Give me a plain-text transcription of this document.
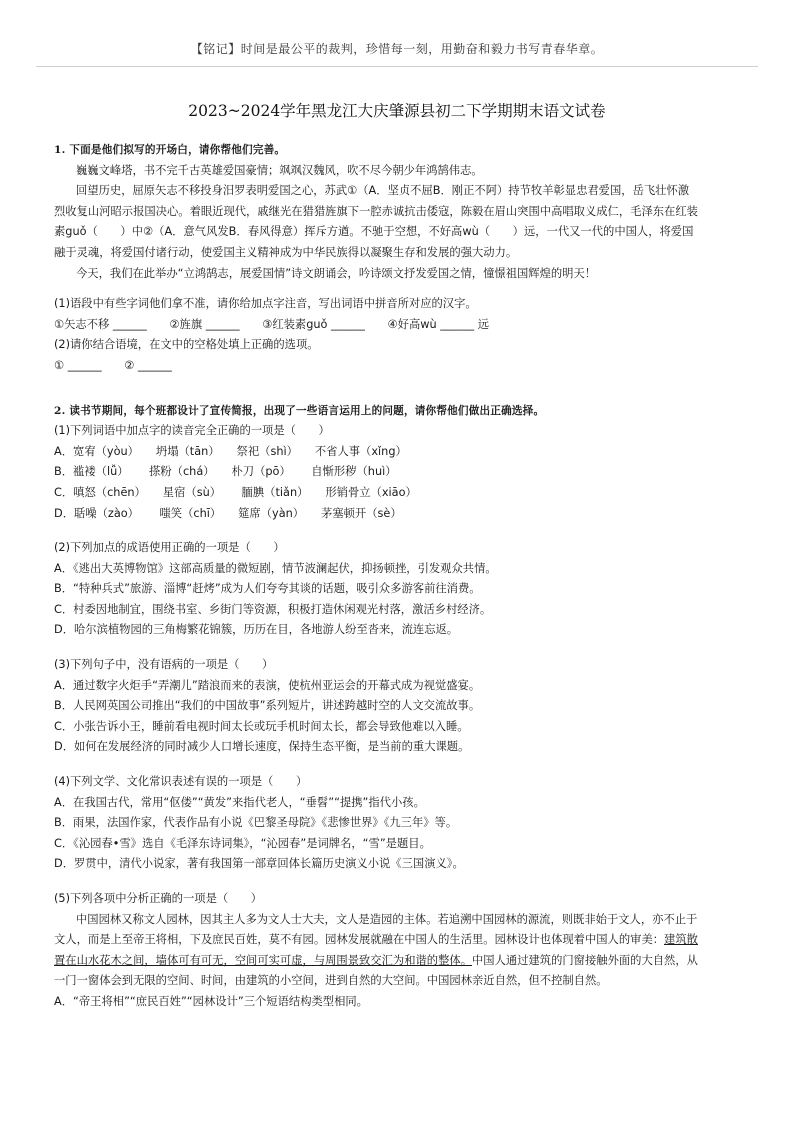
【铭记】时间是最公平的裁判，珍惜每一刻，用勤奋和毅力书写青春华章。
2023~2024学年黑龙江大庆肇源县初二下学期期末语文试卷

1. 下面是他们拟写的开场白，请你帮他们完善。

巍巍文峰塔，书不完千古英雄爱国豪情；飒飒汉魏风，吹不尽今朝少年鸿鹄伟志。

回望历史，屈原矢志不移投身汨罗表明爱国之心，苏武①（A．坚贞不屈B．刚正不阿）持节牧羊彰显忠君爱国，岳飞壮怀激

烈收复山河昭示报国决心。着眼近现代，戚继光在猎猎旌旗下一腔赤诚抗击倭寇，陈毅在眉山突围中高唱取义成仁，毛泽东在红装

素guǒ（　　）中②（A．意气风发B．春风得意）挥斥方遒。不驰于空想，不好高wù（　　）远，一代又一代的中国人，将爱国

融于灵魂，将爱国付诸行动，使爱国主义精神成为中华民族得以凝聚生存和发展的强大动力。

今天，我们在此举办“立鸿鹄志，展爱国情”诗文朗诵会，吟诗颂文抒发爱国之情，憧憬祖国辉煌的明天！

(1)语段中有些字词他们拿不准，请你给加点字注音，写出词语中拼音所对应的汉字。

①矢志不移 ______　　②旌旗 ______　　③红装素guǒ ______　　④好高wù ______ 远

(2)请你结合语境，在文中的空格处填上正确的选项。

① ______　　② ______

2. 读书节期间，每个班都设计了宣传简报，出现了一些语言运用上的问题，请你帮他们做出正确选择。

(1)下列词语中加点字的读音完全正确的一项是（　　）

A．宽宥（yòu）　　坍塌（tān）　　祭祀（shì）　　不省人事（xǐng）

B．褴褛（lǚ）　　 搽粉（chá）　　朴刀（pō）　　 自惭形秽（huì）

C．嗔怒（chēn）　　星宿（sù）　　 腼腆（tiǎn）　　形销骨立（xiāo）

D．聒噪（zào）　　 嗤笑（chī）　　筵席（yàn）　　茅塞顿开（sè）

(2)下列加点的成语使用正确的一项是（　　）

A．《逃出大英博物馆》这部高质量的微短剧，情节波澜起伏，抑扬顿挫，引发观众共情。

B．“特种兵式”旅游、淄博“赶烤”成为人们夸夸其谈的话题，吸引众多游客前往消费。

C．村委因地制宜，围绕书室、乡街门等资源，积极打造休闲观光村落，激活乡村经济。

D．哈尔滨植物园的三角梅繁花锦簇，历历在目，各地游人纷至沓来，流连忘返。

(3)下列句子中，没有语病的一项是（　　）

A．通过数字火炬手“弄潮儿”踏浪而来的表演，使杭州亚运会的开幕式成为视觉盛宴。

B．人民网英国公司推出“我们的中国故事”系列短片，讲述跨越时空的人文交流故事。

C．小张告诉小王，睡前看电视时间太长或玩手机时间太长，都会导致他难以入睡。

D．如何在发展经济的同时减少人口增长速度，保持生态平衡，是当前的重大课题。

(4)下列文学、文化常识表述有误的一项是（　　）

A．在我国古代，常用“伛偻”“黄发”来指代老人，“垂髫”“提携”指代小孩。

B．雨果，法国作家，代表作品有小说《巴黎圣母院》《悲惨世界》《九三年》等。

C．《沁园春•雪》选自《毛泽东诗词集》，“沁园春”是词牌名，“雪”是题目。

D．罗贯中，清代小说家，著有我国第一部章回体长篇历史演义小说《三国演义》。

(5)下列各项中分析正确的一项是（　　）

中国园林又称文人园林，因其主人多为文人士大夫，文人是造园的主体。若追溯中国园林的源流，则既非始于文人，亦不止于

文人，而是上至帝王将相，下及庶民百姓，莫不有园。园林发展就融在中国人的生活里。园林设计也体现着中国人的审美：建筑散

置在山水花木之间，墙体可有可无，空间可实可虚，与周围景致交汇为和谐的整体。中国人通过建筑的门窗接触外面的大自然，从

一门一窗体会到无限的空间、时间，由建筑的小空间，进到自然的大空间。中国园林亲近自然，但不控制自然。

A．“帝王将相”“庶民百姓”“园林设计”三个短语结构类型相同。
